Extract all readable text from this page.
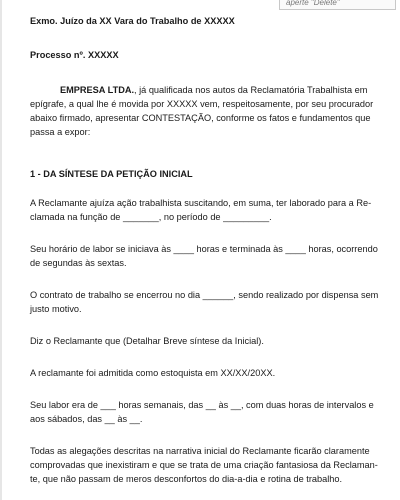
aperte "Delete"

Exmo. Juízo da XX Vara do Trabalho de XXXXX

Processo nº. XXXXX

EMPRESA LTDA., já qualificada nos autos da Reclamatória Trabalhista em

epígrafe, a qual lhe é movida por XXXXX vem, respeitosamente, por seu procurador

abaixo firmado, apresentar CONTESTAÇÃO, conforme os fatos e fundamentos que

passa a expor:

1 - DA SÍNTESE DA PETIÇÃO INICIAL

A Reclamante ajuíza ação trabalhista suscitando, em suma, ter laborado para a Re-

clamada na função de _______, no período de _________.

Seu horário de labor se iniciava às ____ horas e terminada às ____ horas, ocorrendo

de segundas às sextas.

O contrato de trabalho se encerrou no dia ______, sendo realizado por dispensa sem

justo motivo.

Diz o Reclamante que (Detalhar Breve síntese da Inicial).

A reclamante foi admitida como estoquista em XX/XX/20XX.

Seu labor era de ___ horas semanais, das __ às __, com duas horas de intervalos e

aos sábados, das __ às __.

Todas as alegações descritas na narrativa inicial do Reclamante ficarão claramente

comprovadas que inexistiram e que se trata de uma criação fantasiosa da Reclaman-

te, que não passam de meros desconfortos do dia-a-dia e rotina de trabalho.
